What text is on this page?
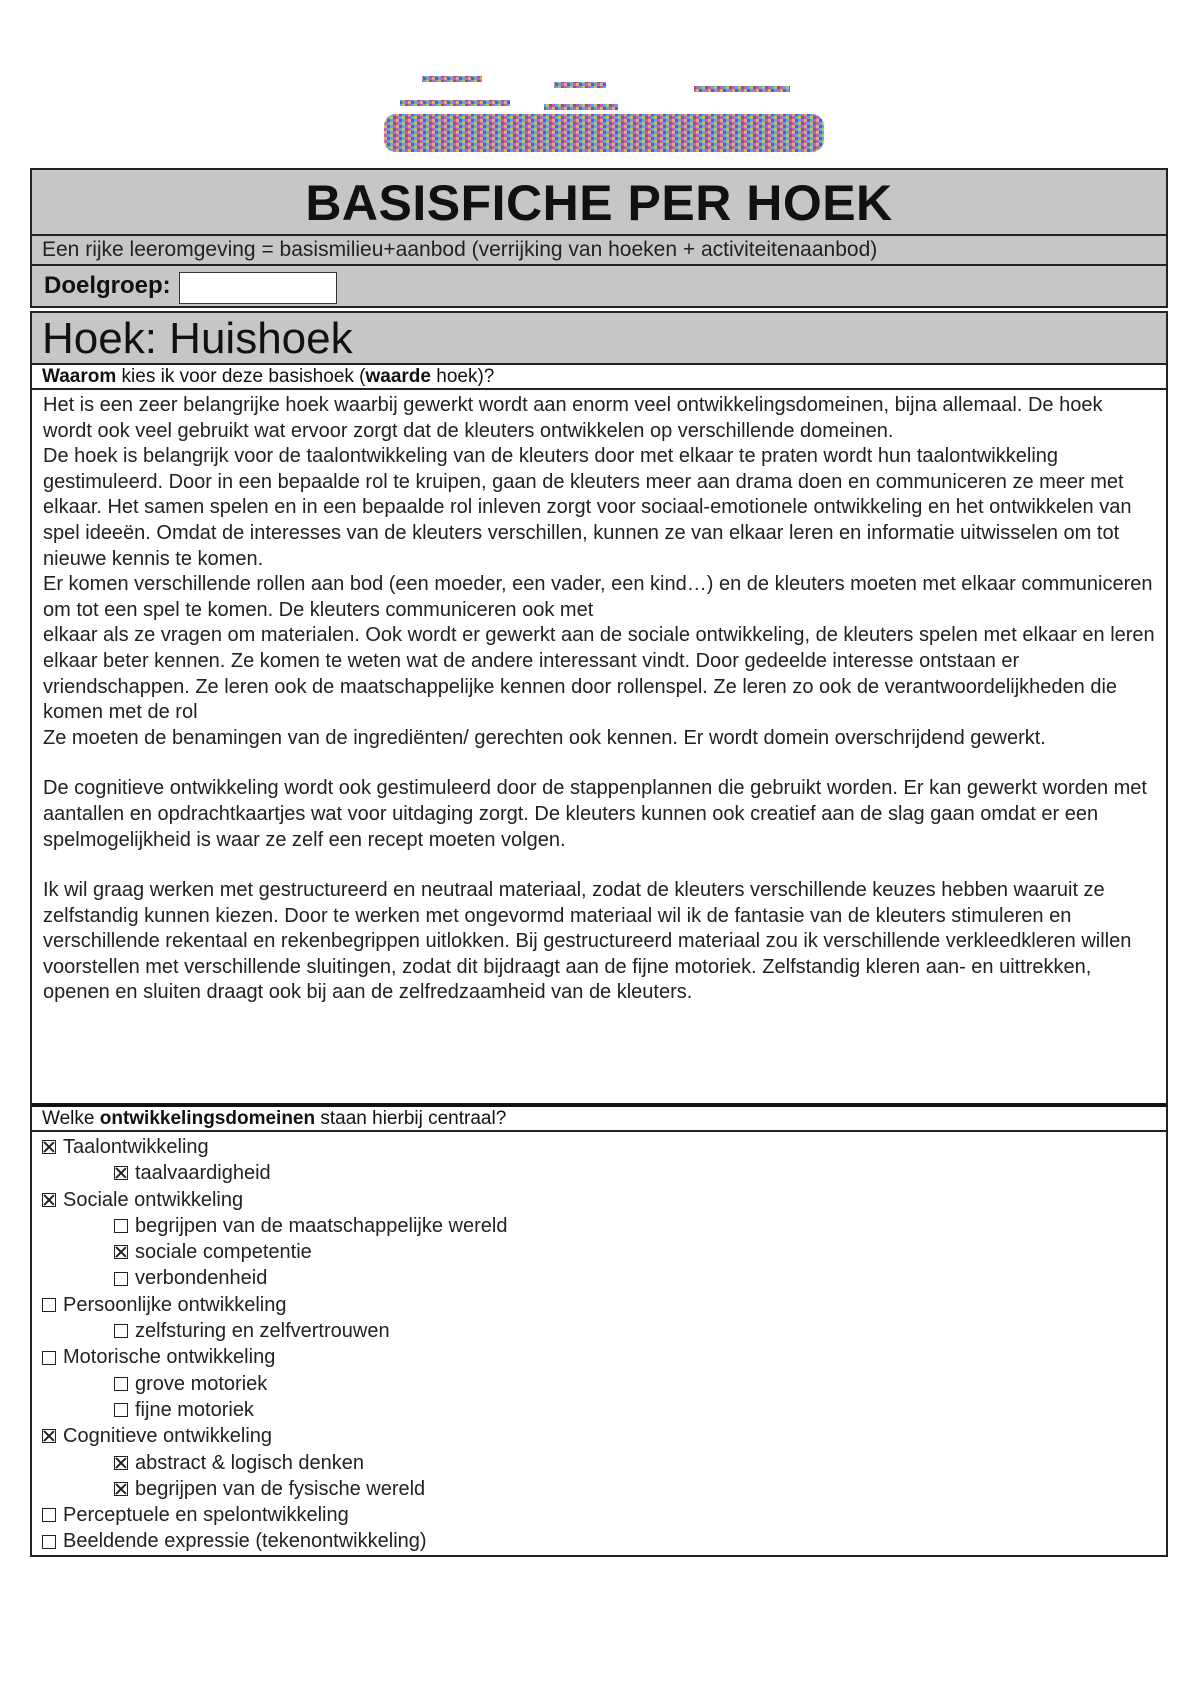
BASISFICHE PER HOEK
Een rijke leeromgeving = basismilieu+aanbod (verrijking van hoeken + activiteitenaanbod)
Doelgroep:
Hoek: Huishoek
Waarom kies ik voor deze basishoek (waarde hoek)?

Het is een zeer belangrijke hoek waarbij gewerkt wordt aan enorm veel ontwikkelingsdomeinen, bijna allemaal. De hoek wordt ook veel gebruikt wat ervoor zorgt dat de kleuters ontwikkelen op verschillende domeinen.

De hoek is belangrijk voor de taalontwikkeling van de kleuters door met elkaar te praten wordt hun taalontwikkeling gestimuleerd. Door in een bepaalde rol te kruipen, gaan de kleuters meer aan drama doen en communiceren ze meer met elkaar. Het samen spelen en in een bepaalde rol inleven zorgt voor sociaal-emotionele ontwikkeling en het ontwikkelen van spel ideeën. Omdat de interesses van de kleuters verschillen, kunnen ze van elkaar leren en informatie uitwisselen om tot nieuwe kennis te komen.

Er komen verschillende rollen aan bod (een moeder, een vader, een kind…) en de kleuters moeten met elkaar communiceren om tot een spel te komen. De kleuters communiceren ook met

elkaar als ze vragen om materialen. Ook wordt er gewerkt aan de sociale ontwikkeling, de kleuters spelen met elkaar en leren elkaar beter kennen. Ze komen te weten wat de andere interessant vindt. Door gedeelde interesse ontstaan er vriendschappen. Ze leren ook de maatschappelijke kennen door rollenspel. Ze leren zo ook de verantwoordelijkheden die komen met de rol

Ze moeten de benamingen van de ingrediënten/ gerechten ook kennen. Er wordt domein overschrijdend gewerkt.

De cognitieve ontwikkeling wordt ook gestimuleerd door de stappenplannen die gebruikt worden. Er kan gewerkt worden met aantallen en opdrachtkaartjes wat voor uitdaging zorgt. De kleuters kunnen ook creatief aan de slag gaan omdat er een spelmogelijkheid is waar ze zelf een recept moeten volgen.

Ik wil graag werken met gestructureerd en neutraal materiaal, zodat de kleuters verschillende keuzes hebben waaruit ze zelfstandig kunnen kiezen. Door te werken met ongevormd materiaal wil ik de fantasie van de kleuters stimuleren en verschillende rekentaal en rekenbegrippen uitlokken. Bij gestructureerd materiaal zou ik verschillende verkleedkleren willen voorstellen met verschillende sluitingen, zodat dit bijdraagt aan de fijne motoriek. Zelfstandig kleren aan- en uittrekken, openen en sluiten draagt ook bij aan de zelfredzaamheid van de kleuters.

Welke ontwikkelingsdomeinen staan hierbij centraal?
Taalontwikkeling
taalvaardigheid
Sociale ontwikkeling
begrijpen van de maatschappelijke wereld
sociale competentie
verbondenheid
Persoonlijke ontwikkeling
zelfsturing en zelfvertrouwen
Motorische ontwikkeling
grove motoriek
fijne motoriek
Cognitieve ontwikkeling
abstract & logisch denken
begrijpen van de fysische wereld
Perceptuele en spelontwikkeling
Beeldende expressie (tekenontwikkeling)
